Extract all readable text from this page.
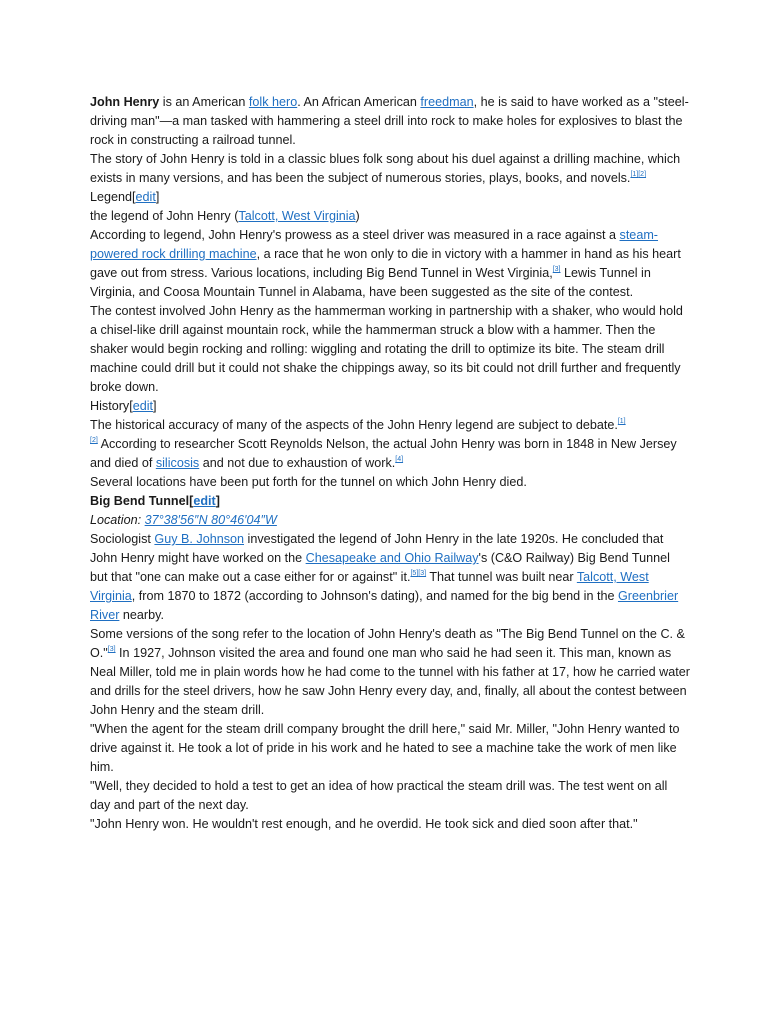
John Henry is an American folk hero. An African American freedman, he is said to have worked as a "steel-driving man"—a man tasked with hammering a steel drill into rock to make holes for explosives to blast the rock in constructing a railroad tunnel.

The story of John Henry is told in a classic blues folk song about his duel against a drilling machine, which exists in many versions, and has been the subject of numerous stories, plays, books, and novels.[1][2]

Legend[edit]

the legend of John Henry (Talcott, West Virginia)

According to legend, John Henry's prowess as a steel driver was measured in a race against a steam-powered rock drilling machine, a race that he won only to die in victory with a hammer in hand as his heart gave out from stress. Various locations, including Big Bend Tunnel in West Virginia,[3] Lewis Tunnel in Virginia, and Coosa Mountain Tunnel in Alabama, have been suggested as the site of the contest.

The contest involved John Henry as the hammerman working in partnership with a shaker, who would hold a chisel-like drill against mountain rock, while the hammerman struck a blow with a hammer. Then the shaker would begin rocking and rolling: wiggling and rotating the drill to optimize its bite. The steam drill machine could drill but it could not shake the chippings away, so its bit could not drill further and frequently broke down.

History[edit]

The historical accuracy of many of the aspects of the John Henry legend are subject to debate.[1]
[2] According to researcher Scott Reynolds Nelson, the actual John Henry was born in 1848 in New Jersey and died of silicosis and not due to exhaustion of work.[4]

Several locations have been put forth for the tunnel on which John Henry died.

Big Bend Tunnel[edit]

Location: 37°38′56″N 80°46′04″W

Sociologist Guy B. Johnson investigated the legend of John Henry in the late 1920s. He concluded that John Henry might have worked on the Chesapeake and Ohio Railway's (C&O Railway) Big Bend Tunnel but that "one can make out a case either for or against" it.[5][3] That tunnel was built near Talcott, West Virginia, from 1870 to 1872 (according to Johnson's dating), and named for the big bend in the Greenbrier River nearby.

Some versions of the song refer to the location of John Henry's death as "The Big Bend Tunnel on the C. & O."[3] In 1927, Johnson visited the area and found one man who said he had seen it. This man, known as Neal Miller, told me in plain words how he had come to the tunnel with his father at 17, how he carried water and drills for the steel drivers, how he saw John Henry every day, and, finally, all about the contest between John Henry and the steam drill.

"When the agent for the steam drill company brought the drill here," said Mr. Miller, "John Henry wanted to drive against it. He took a lot of pride in his work and he hated to see a machine take the work of men like him.

"Well, they decided to hold a test to get an idea of how practical the steam drill was. The test went on all day and part of the next day.

"John Henry won. He wouldn't rest enough, and he overdid. He took sick and died soon after that."
